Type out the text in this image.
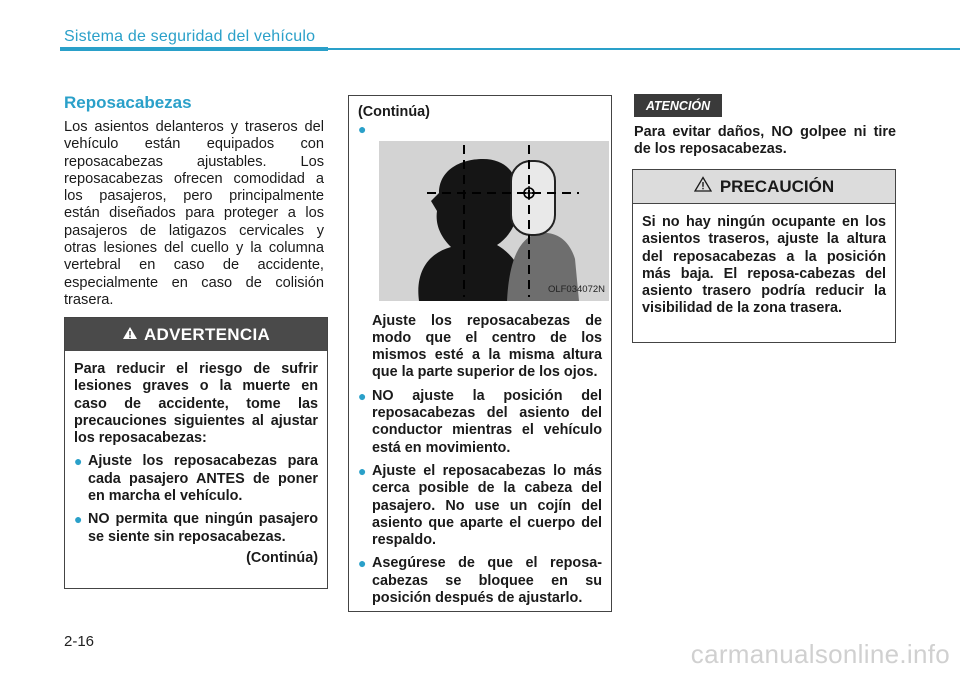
Sistema de seguridad del vehículo
Reposacabezas
Los asientos delanteros y traseros del vehículo están equipados con reposacabezas ajustables. Los reposacabezas ofrecen comodidad a los pasajeros, pero principalmente están diseñados para proteger a los pasajeros de latigazos cervicales y otras lesiones del cuello y la columna vertebral en caso de accidente, especialmente en caso de colisión trasera.
ADVERTENCIA
Para reducir el riesgo de sufrir lesiones graves o la muerte en caso de accidente, tome las precauciones siguientes al ajustar los reposacabezas:
● Ajuste los reposacabezas para cada pasajero ANTES de poner en marcha el vehículo.
● NO permita que ningún pasajero se siente sin reposacabezas.
(Continúa)
(Continúa)
●
OLF034072N
Ajuste los reposacabezas de modo que el centro de los mismos esté a la misma altura que la parte superior de los ojos.
● NO ajuste la posición del reposacabezas del asiento del conductor mientras el vehículo está en movimiento.
● Ajuste el reposacabezas lo más cerca posible de la cabeza del pasajero. No use un cojín del asiento que aparte el cuerpo del respaldo.
● Asegúrese de que el reposa-cabezas se bloquee en su posición después de ajustarlo.
ATENCIÓN
Para evitar daños, NO golpee ni tire de los reposacabezas.
PRECAUCIÓN
Si no hay ningún ocupante en los asientos traseros, ajuste la altura del reposacabezas a la posición más baja. El reposa-cabezas del asiento trasero podría reducir la visibilidad de la zona trasera.
2-16	carmanualsonline.info
